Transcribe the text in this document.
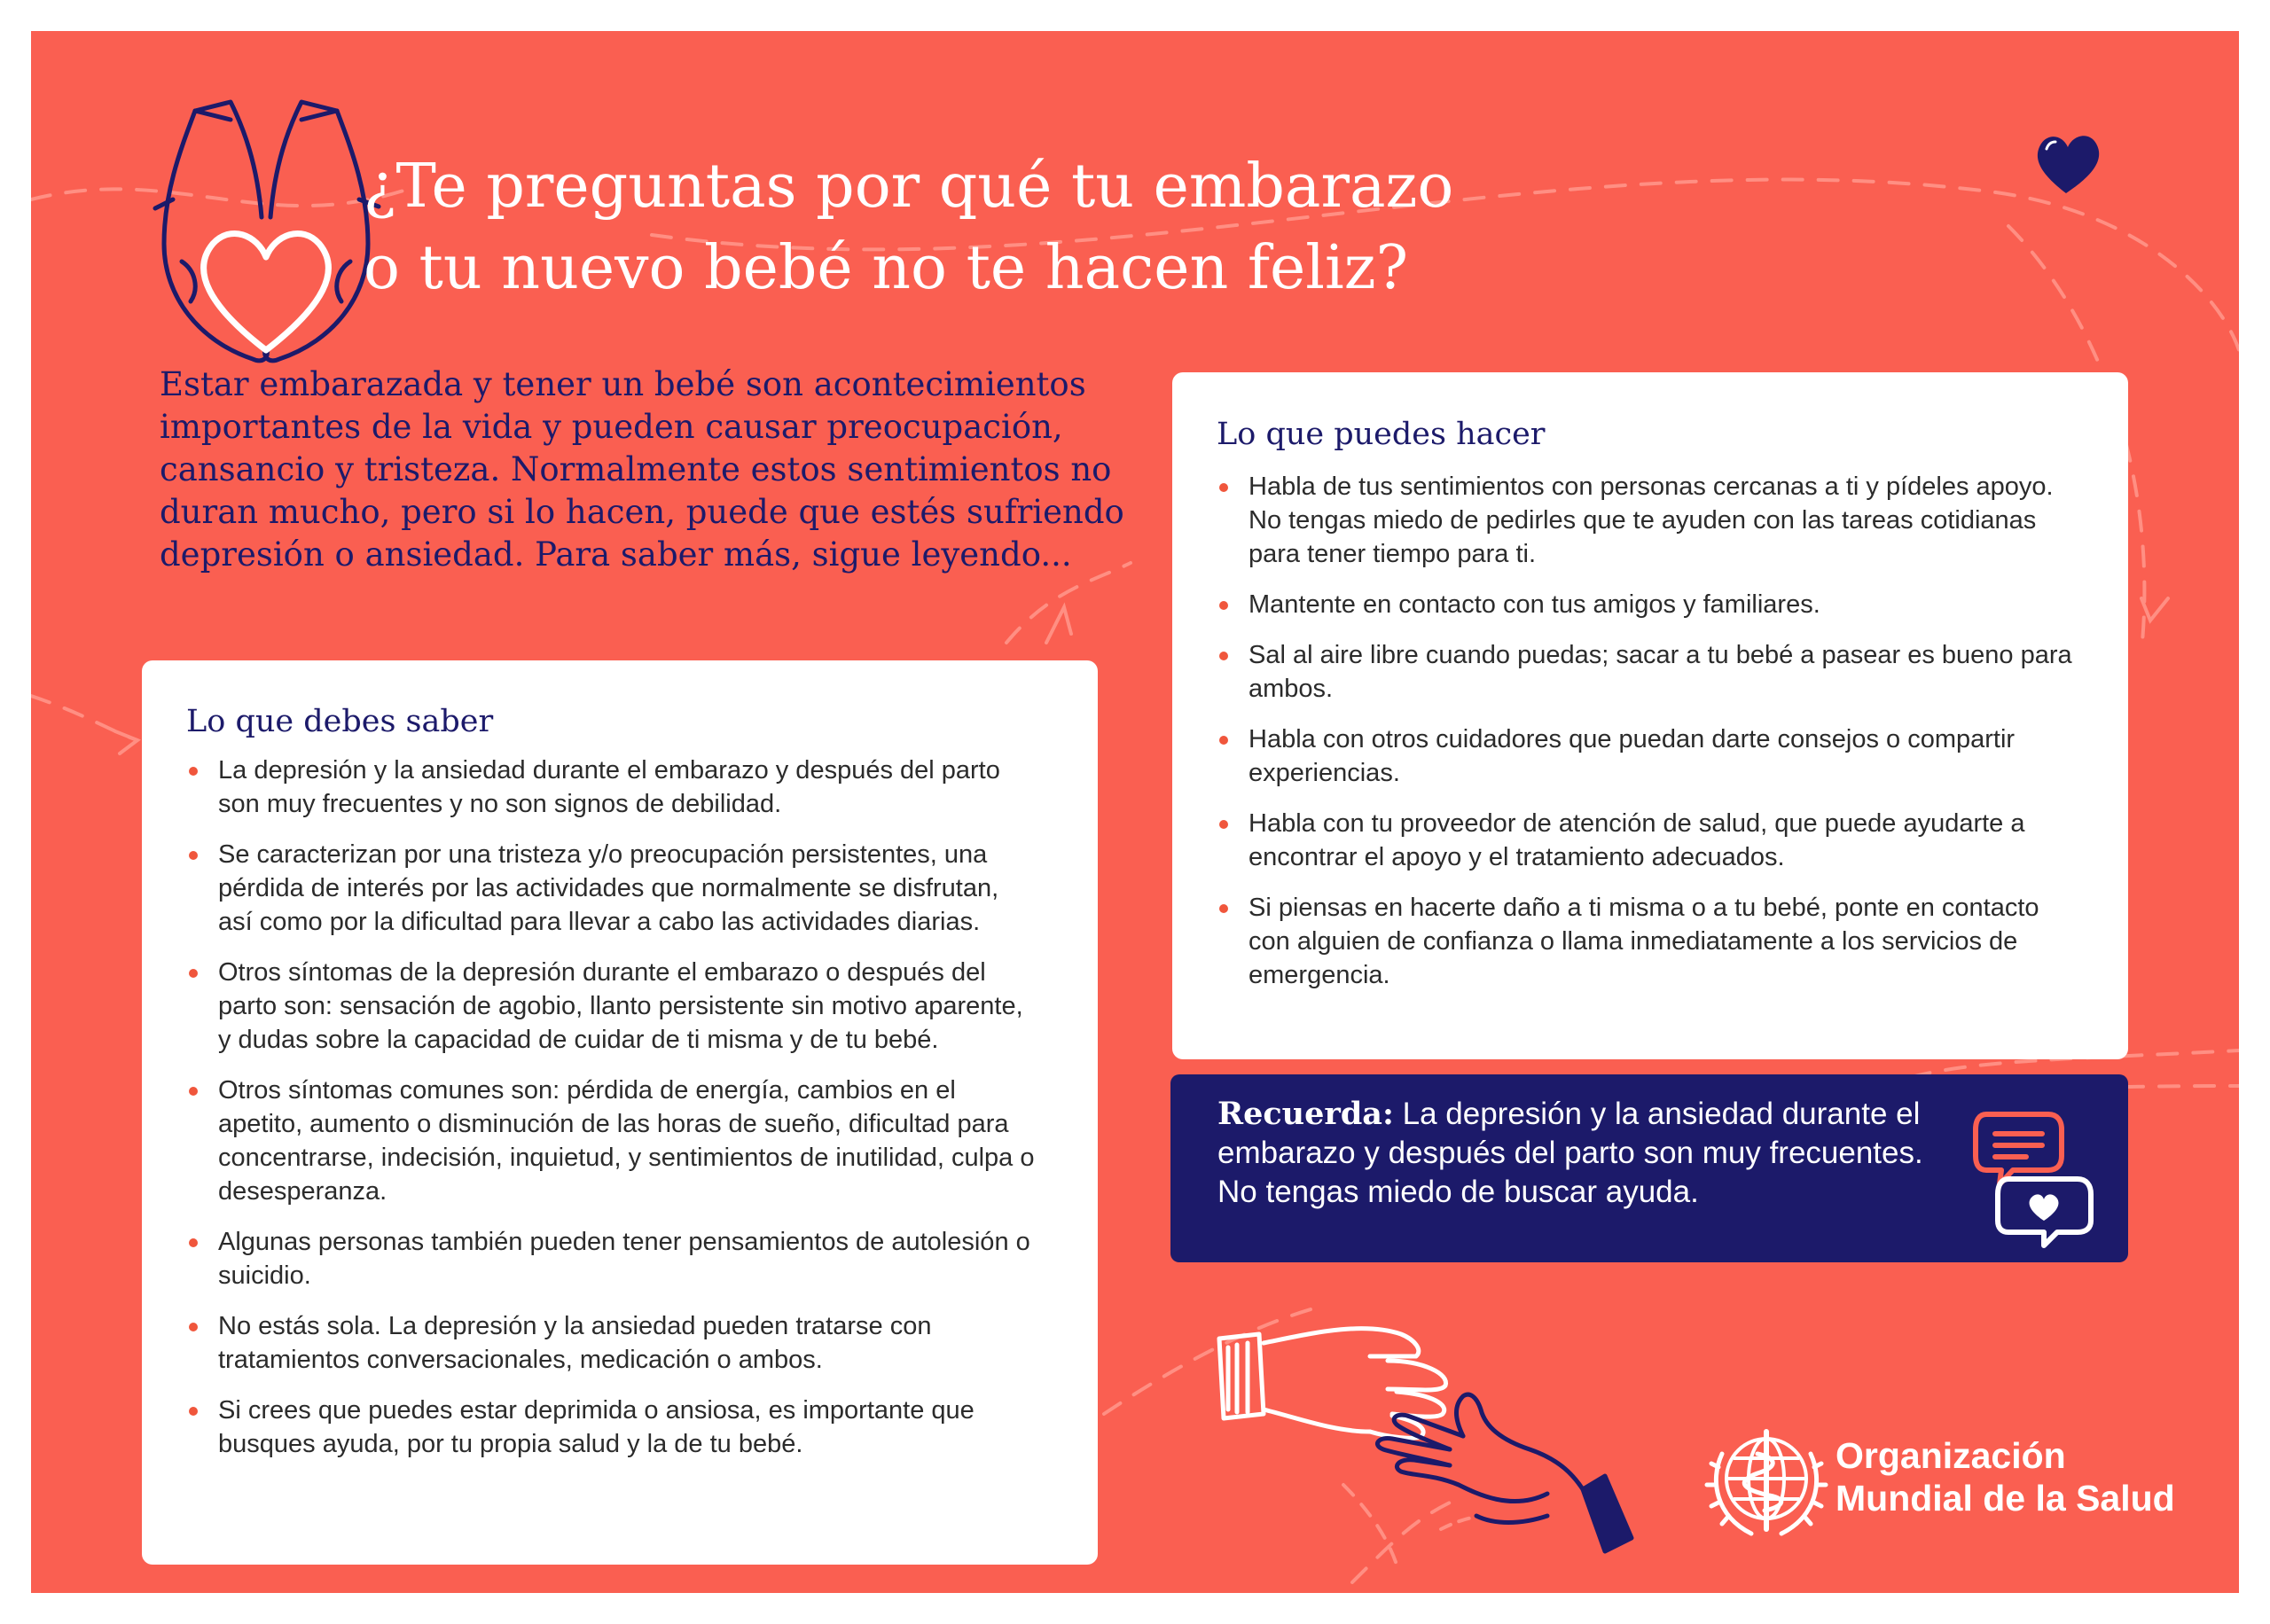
¿Te preguntas por qué tu embarazo
o tu nuevo bebé no te hacen feliz?

Estar embarazada y tener un bebé son acontecimientos importantes de la vida y pueden causar preocupación, cansancio y tristeza. Normalmente estos sentimientos no duran mucho, pero si lo hacen, puede que estés sufriendo depresión o ansiedad. Para saber más, sigue leyendo...

Lo que debes saber
La depresión y la ansiedad durante el embarazo y después del parto son muy frecuentes y no son signos de debilidad.
Se caracterizan por una tristeza y/o preocupación persistentes, una pérdida de interés por las actividades que normalmente se disfrutan, así como por la dificultad para llevar a cabo las actividades diarias.
Otros síntomas de la depresión durante el embarazo o después del parto son: sensación de agobio, llanto persistente sin motivo aparente, y dudas sobre la capacidad de cuidar de ti misma y de tu bebé.
Otros síntomas comunes son: pérdida de energía, cambios en el apetito, aumento o disminución de las horas de sueño, dificultad para concentrarse, indecisión, inquietud, y sentimientos de inutilidad, culpa o desesperanza.
Algunas personas también pueden tener pensamientos de autolesión o suicidio.
No estás sola. La depresión y la ansiedad pueden tratarse con tratamientos conversacionales, medicación o ambos.
Si crees que puedes estar deprimida o ansiosa, es importante que busques ayuda, por tu propia salud y la de tu bebé.
Lo que puedes hacer
Habla de tus sentimientos con personas cercanas a ti y pídeles apoyo. No tengas miedo de pedirles que te ayuden con las tareas cotidianas para tener tiempo para ti.
Mantente en contacto con tus amigos y familiares.
Sal al aire libre cuando puedas; sacar a tu bebé a pasear es bueno para ambos.
Habla con otros cuidadores que puedan darte consejos o compartir experiencias.
Habla con tu proveedor de atención de salud, que puede ayudarte a encontrar el apoyo y el tratamiento adecuados.
Si piensas en hacerte daño a ti misma o a tu bebé, ponte en contacto con alguien de confianza o llama inmediatamente a los servicios de emergencia.

Recuerda: La depresión y la ansiedad durante el embarazo y después del parto son muy frecuentes. No tengas miedo de buscar ayuda.

Organización
Mundial de la Salud
